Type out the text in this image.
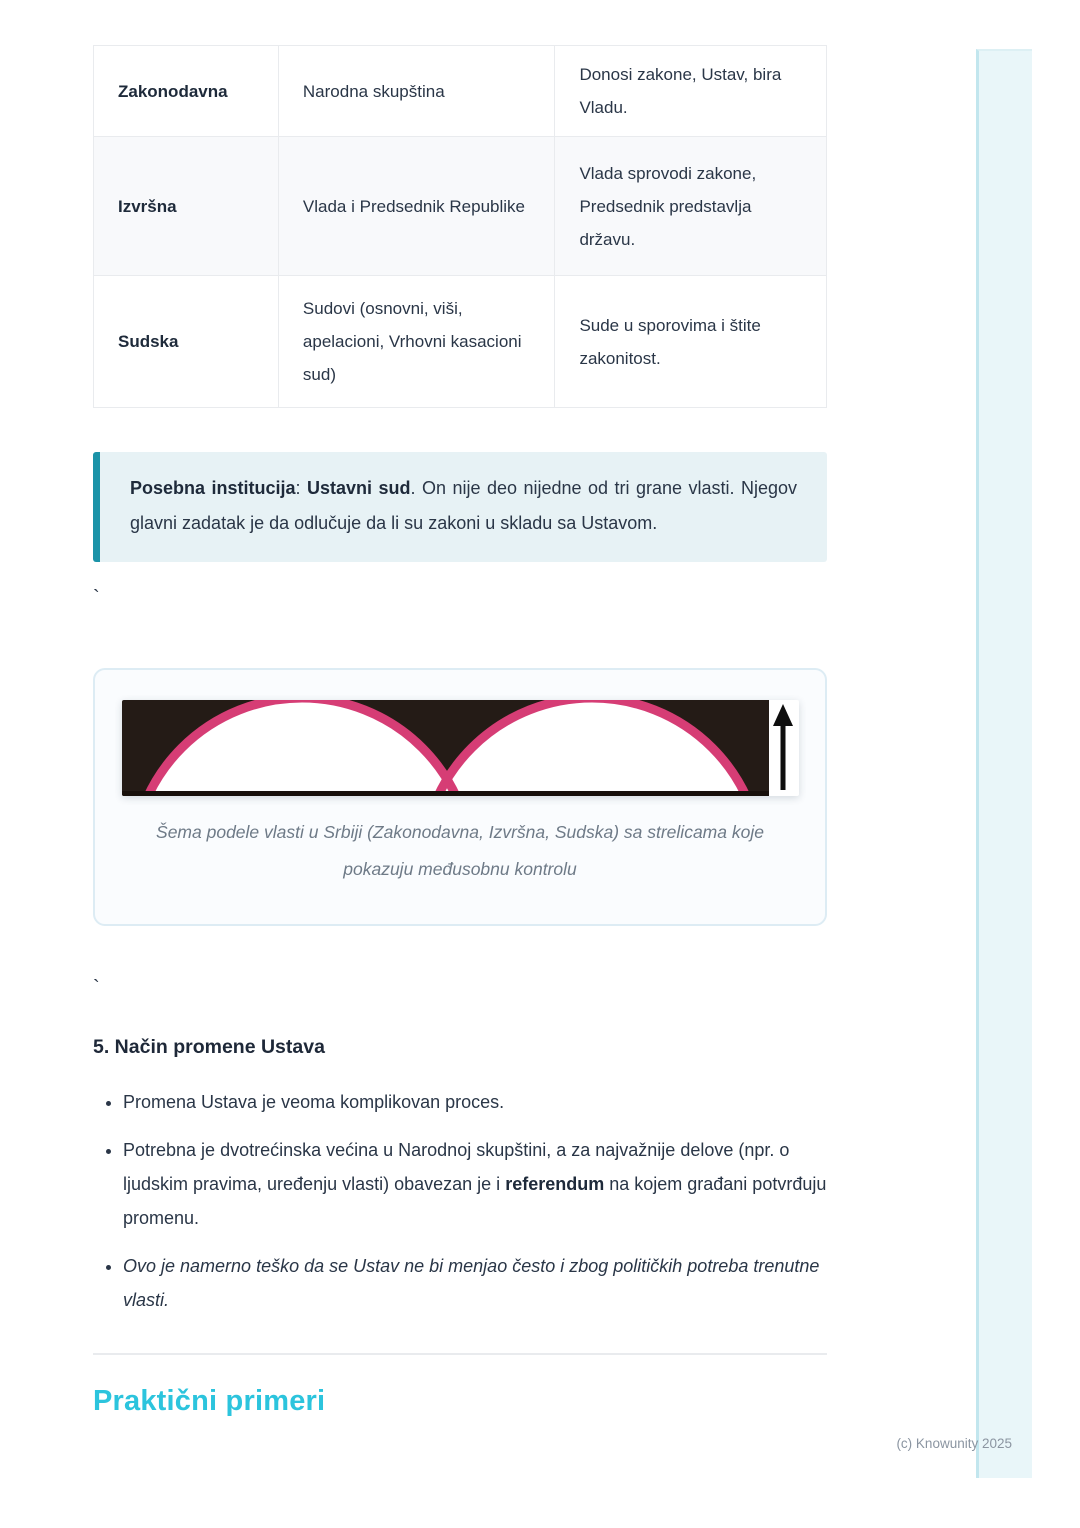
Zakonodavna	Narodna skupština	Donosi zakone, Ustav, bira Vladu.
Izvršna	Vlada i Predsednik Republike	Vlada sprovodi zakone, Predsednik predstavlja državu.
Sudska	Sudovi (osnovni, viši, apelacioni, Vrhovni kasacioni sud)	Sude u sporovima i štite zakonitost.
Posebna institucija: Ustavni sud. On nije deo nijedne od tri grane vlasti. Njegov glavni zadatak je da odlučuje da li su zakoni u skladu sa Ustavom.
`
Šema podele vlasti u Srbiji (Zakonodavna, Izvršna, Sudska) sa strelicama koje pokazuju međusobnu kontrolu
`
5. Način promene Ustava
• Promena Ustava je veoma komplikovan proces.
• Potrebna je dvotrećinska većina u Narodnoj skupštini, a za najvažnije delove (npr. o ljudskim pravima, uređenju vlasti) obavezan je i referendum na kojem građani potvrđuju promenu.
• Ovo je namerno teško da se Ustav ne bi menjao često i zbog političkih potreba trenutne vlasti.
Praktični primeri
(c) Knowunity 2025
